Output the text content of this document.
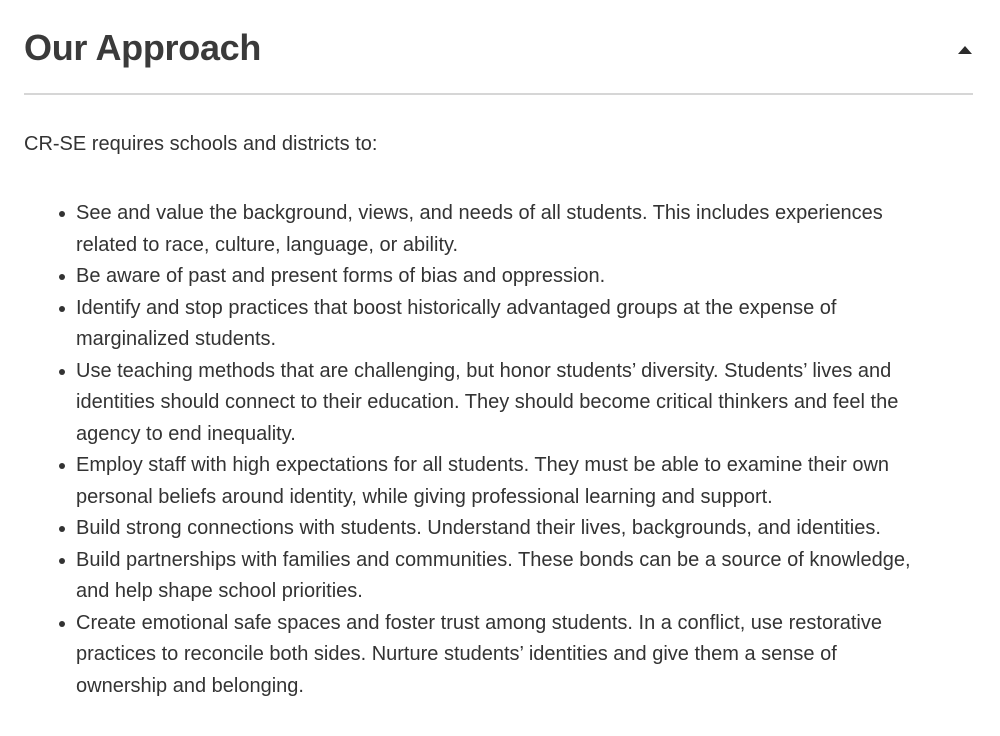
Our Approach

CR-SE requires schools and districts to:

See and value the background, views, and needs of all students. This includes experiences
related to race, culture, language, or ability.
Be aware of past and present forms of bias and oppression.
Identify and stop practices that boost historically advantaged groups at the expense of
marginalized students.
Use teaching methods that are challenging, but honor students’ diversity. Students’ lives and
identities should connect to their education. They should become critical thinkers and feel the
agency to end inequality.
Employ staff with high expectations for all students. They must be able to examine their own
personal beliefs around identity, while giving professional learning and support.
Build strong connections with students. Understand their lives, backgrounds, and identities.
Build partnerships with families and communities. These bonds can be a source of knowledge,
and help shape school priorities.
Create emotional safe spaces and foster trust among students. In a conflict, use restorative
practices to reconcile both sides. Nurture students’ identities and give them a sense of
ownership and belonging.
